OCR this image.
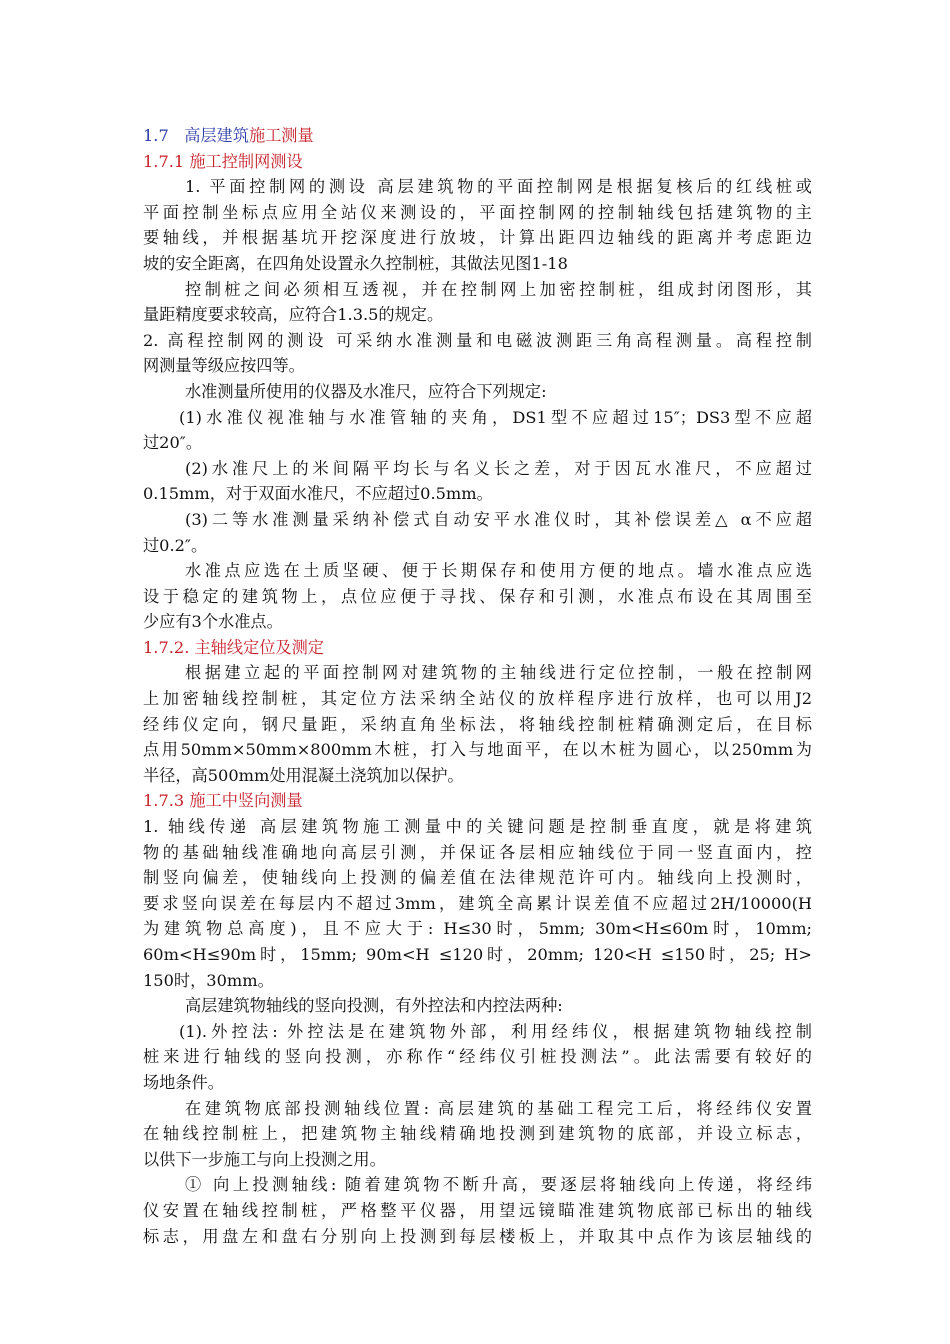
1.7 高层建筑施工测量

1.7.1 施工控制网测设

1. 平面控制网的测设 高层建筑物的平面控制网是根据复核后的红线桩或

平面控制坐标点应用全站仪来测设的，平面控制网的控制轴线包括建筑物的主

要轴线，并根据基坑开挖深度进行放坡，计算出距四边轴线的距离并考虑距边

坡的安全距离，在四角处设置永久控制桩，其做法见图1-18

控制桩之间必须相互透视，并在控制网上加密控制桩，组成封闭图形，其

量距精度要求较高，应符合1.3.5的规定。

2. 高程控制网的测设 可采纳水准测量和电磁波测距三角高程测量。高程控制

网测量等级应按四等。

水准测量所使用的仪器及水准尺，应符合下列规定:

(1)水准仪视准轴与水准管轴的夹角，DS1型不应超过15″；DS3型不应超

过20″。

(2)水准尺上的米间隔平均长与名义长之差，对于因瓦水准尺，不应超过

0.15mm，对于双面水准尺，不应超过0.5mm。

(3)二等水准测量采纳补偿式自动安平水准仪时，其补偿误差△ α不应超

过0.2″。

水准点应选在土质坚硬、便于长期保存和使用方便的地点。墙水准点应选

设于稳定的建筑物上，点位应便于寻找、保存和引测，水准点布设在其周围至

少应有3个水准点。

1.7.2. 主轴线定位及测定

根据建立起的平面控制网对建筑物的主轴线进行定位控制，一般在控制网

上加密轴线控制桩，其定位方法采纳全站仪的放样程序进行放样，也可以用J2

经纬仪定向，钢尺量距，采纳直角坐标法，将轴线控制桩精确测定后，在目标

点用50mm×50mm×800mm木桩，打入与地面平，在以木桩为圆心，以250mm为

半径，高500mm处用混凝土浇筑加以保护。

1.7.3 施工中竖向测量

1. 轴线传递 高层建筑物施工测量中的关键问题是控制垂直度，就是将建筑

物的基础轴线准确地向高层引测，并保证各层相应轴线位于同一竖直面内，控

制竖向偏差，使轴线向上投测的偏差值在法律规范许可内。轴线向上投测时，

要求竖向误差在每层内不超过3mm，建筑全高累计误差值不应超过2H/10000(H

为建筑物总高度)，且不应大于: H≤30时，5mm; 30m<H≤60m时，10mm;

60m<H≤90m时，15mm; 90m<H ≤120时，20mm; 120<H ≤150时，25; H>

150时，30mm。

高层建筑物轴线的竖向投测，有外控法和内控法两种:

(1).外控法: 外控法是在建筑物外部，利用经纬仪，根据建筑物轴线控制

桩来进行轴线的竖向投测，亦称作“经纬仪引桩投测法”。此法需要有较好的

场地条件。

在建筑物底部投测轴线位置: 高层建筑的基础工程完工后，将经纬仪安置

在轴线控制桩上，把建筑物主轴线精确地投测到建筑物的底部，并设立标志，

以供下一步施工与向上投测之用。

① 向上投测轴线: 随着建筑物不断升高，要逐层将轴线向上传递，将经纬

仪安置在轴线控制桩，严格整平仪器，用望远镜瞄准建筑物底部已标出的轴线

标志，用盘左和盘右分别向上投测到每层楼板上，并取其中点作为该层轴线的
